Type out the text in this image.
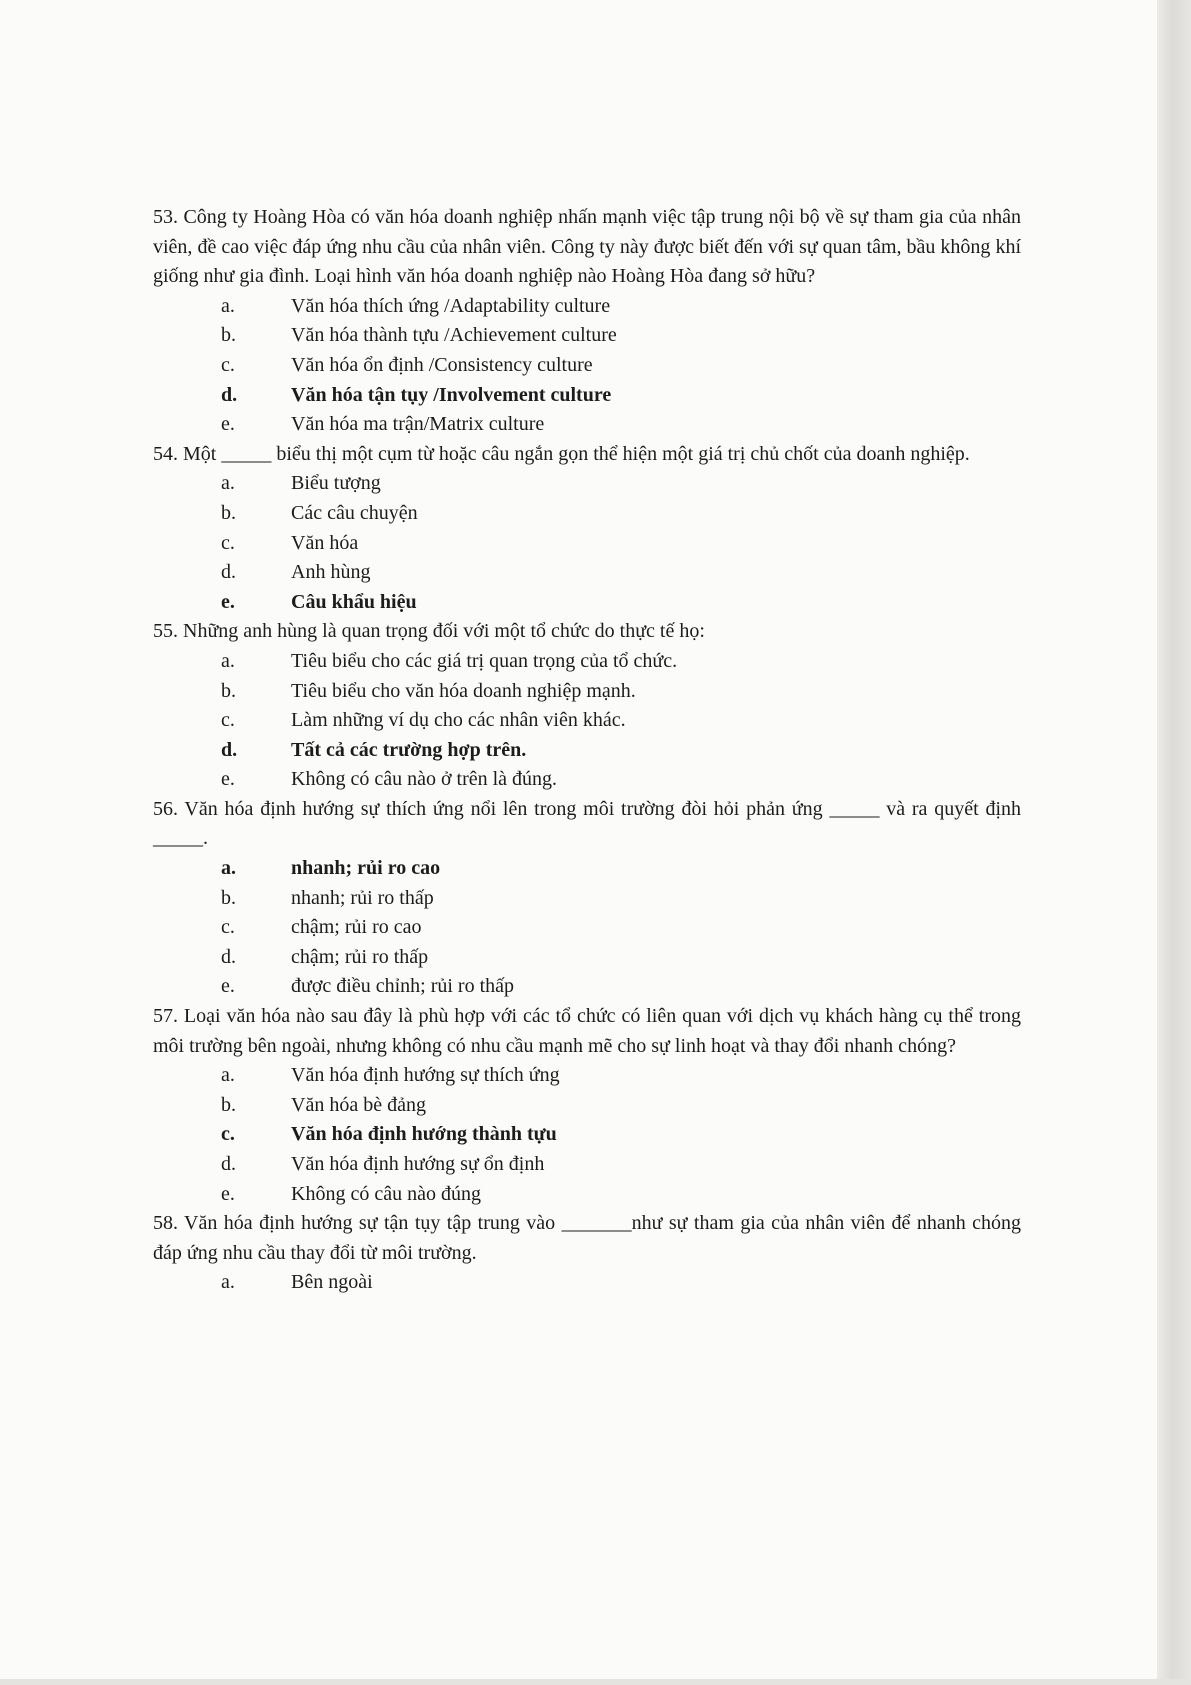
53. Công ty Hoàng Hòa có văn hóa doanh nghiệp nhấn mạnh việc tập trung nội bộ về sự tham gia của nhân viên, đề cao việc đáp ứng nhu cầu của nhân viên. Công ty này được biết đến với sự quan tâm, bầu không khí giống như gia đình. Loại hình văn hóa doanh nghiệp nào Hoàng Hòa đang sở hữu?

a.	Văn hóa thích ứng /Adaptability culture
b.	Văn hóa thành tựu /Achievement culture
c.	Văn hóa ổn định /Consistency culture
d.	Văn hóa tận tụy /Involvement culture
e.	Văn hóa ma trận/Matrix culture

54. Một _____ biểu thị một cụm từ hoặc câu ngắn gọn thể hiện một giá trị chủ chốt của doanh nghiệp.

a.	Biểu tượng
b.	Các câu chuyện
c.	Văn hóa
d.	Anh hùng
e.	Câu khẩu hiệu

55. Những anh hùng là quan trọng đối với một tổ chức do thực tế họ:

a.	Tiêu biểu cho các giá trị quan trọng của tổ chức.
b.	Tiêu biểu cho văn hóa doanh nghiệp mạnh.
c.	Làm những ví dụ cho các nhân viên khác.
d.	Tất cả các trường hợp trên.
e.	Không có câu nào ở trên là đúng.

56. Văn hóa định hướng sự thích ứng nổi lên trong môi trường đòi hỏi phản ứng _____ và ra quyết định _____.

a.	nhanh; rủi ro cao
b.	nhanh; rủi ro thấp
c.	chậm; rủi ro cao
d.	chậm; rủi ro thấp
e.	được điều chỉnh; rủi ro thấp

57. Loại văn hóa nào sau đây là phù hợp với các tổ chức có liên quan với dịch vụ khách hàng cụ thể trong môi trường bên ngoài, nhưng không có nhu cầu mạnh mẽ cho sự linh hoạt và thay đổi nhanh chóng?

a.	Văn hóa định hướng sự thích ứng
b.	Văn hóa bè đảng
c.	Văn hóa định hướng thành tựu
d.	Văn hóa định hướng sự ổn định
e.	Không có câu nào đúng

58. Văn hóa định hướng sự tận tụy tập trung vào _______như sự tham gia của nhân viên để nhanh chóng đáp ứng nhu cầu thay đổi từ môi trường.

a.	Bên ngoài
